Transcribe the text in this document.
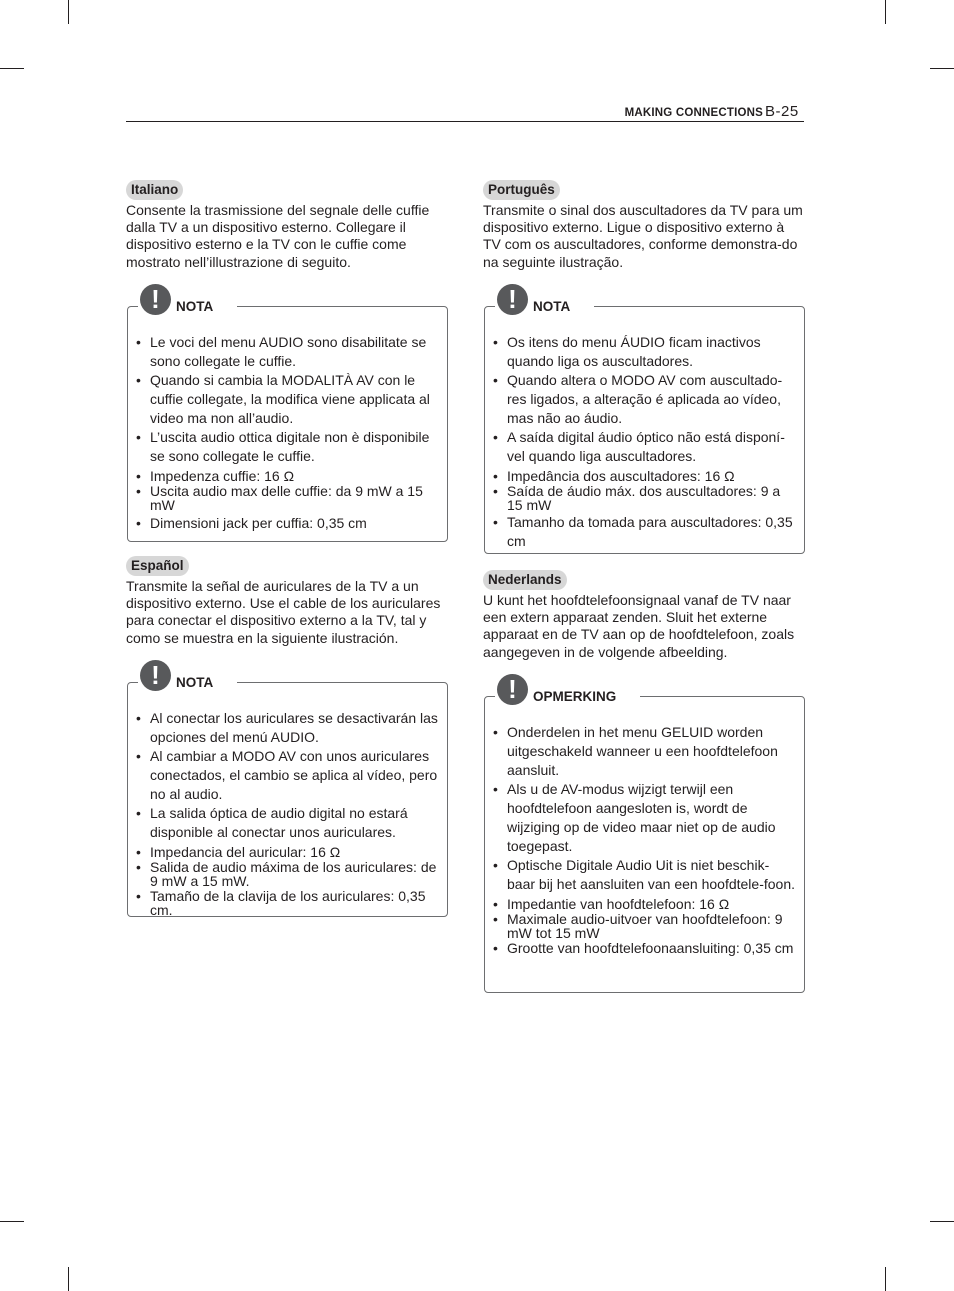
MAKING CONNECTIONS B-25
Italiano

Consente la trasmissione del segnale delle cuffie dalla TV a un dispositivo esterno. Collegare il dispositivo esterno e la TV con le cuffie come mostrato nell’illustrazione di seguito.

!	NOTA
• Le voci del menu AUDIO sono disabilitate se sono collegate le cuffie.
• Quando si cambia la MODALITÀ AV con le cuffie collegate, la modifica viene applicata al video ma non all’audio.
• L’uscita audio ottica digitale non è disponibile se sono collegate le cuffie.
• Impedenza cuffie: 16 Ω
• Uscita audio max delle cuffie: da 9 mW a 15 mW
• Dimensioni jack per cuffia: 0,35 cm
Español

Transmite la señal de auriculares de la TV a un dispositivo externo. Use el cable de los auriculares para conectar el dispositivo externo a la TV, tal y como se muestra en la siguiente ilustración.

!	NOTA
• Al conectar los auriculares se desactivarán las opciones del menú AUDIO.
• Al cambiar a MODO AV con unos auriculares conectados, el cambio se aplica al vídeo, pero no al audio.
• La salida óptica de audio digital no estará disponible al conectar unos auriculares.
• Impedancia del auricular: 16 Ω
• Salida de audio máxima de los auriculares: de 9 mW a 15 mW.
• Tamaño de la clavija de los auriculares: 0,35 cm.
Português

Transmite o sinal dos auscultadores da TV para um dispositivo externo. Ligue o dispositivo externo à TV com os auscultadores, conforme demonstra-do na seguinte ilustração.

!	NOTA
• Os itens do menu ÁUDIO ficam inactivos quando liga os auscultadores.
• Quando altera o MODO AV com auscultado-res ligados, a alteração é aplicada ao vídeo, mas não ao áudio.
• A saída digital áudio óptico não está disponí-vel quando liga auscultadores.
• Impedância dos auscultadores: 16 Ω
• Saída de áudio máx. dos auscultadores: 9 a 15 mW
• Tamanho da tomada para auscultadores: 0,35 cm
Nederlands

U kunt het hoofdtelefoonsignaal vanaf de TV naar een extern apparaat zenden. Sluit het externe apparaat en de TV aan op de hoofdtelefoon, zoals aangegeven in de volgende afbeelding.

!	OPMERKING
• Onderdelen in het menu GELUID worden uitgeschakeld wanneer u een hoofdtelefoon aansluit.
• Als u de AV-modus wijzigt terwijl een hoofdtelefoon aangesloten is, wordt de wijziging op de video maar niet op de audio toegepast.
• Optische Digitale Audio Uit is niet beschik-baar bij het aansluiten van een hoofdtele-foon.
• Impedantie van hoofdtelefoon: 16 Ω
• Maximale audio-uitvoer van hoofdtelefoon: 9 mW tot 15 mW
• Grootte van hoofdtelefoonaansluiting: 0,35 cm
